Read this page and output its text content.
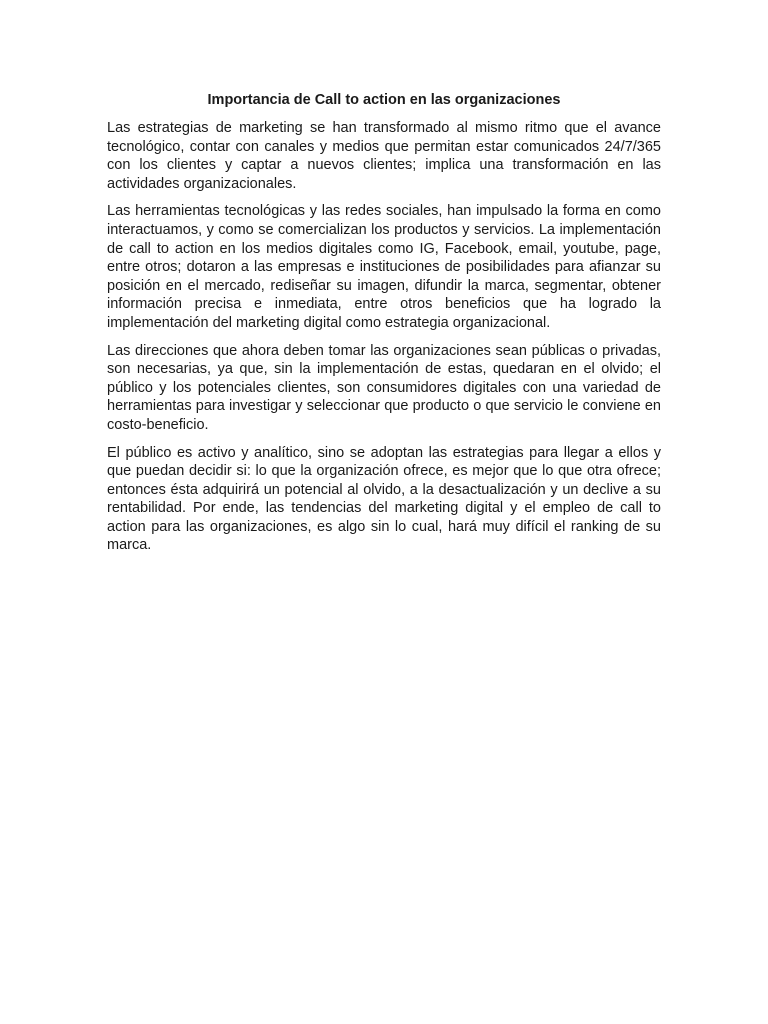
Importancia de Call to action en las organizaciones

Las estrategias de marketing se han transformado al mismo ritmo que el avance tecnológico, contar con canales y medios que permitan estar comunicados 24/7/365 con los clientes y captar a nuevos clientes; implica una transformación en las actividades organizacionales.

Las herramientas tecnológicas y las redes sociales, han impulsado la forma en como interactuamos, y como se comercializan los productos y servicios. La implementación de call to action en los medios digitales como IG, Facebook, email, youtube, page, entre otros; dotaron a las empresas e instituciones de posibilidades para afianzar su posición en el mercado, rediseñar su imagen, difundir la marca, segmentar, obtener información precisa e inmediata, entre otros beneficios que ha logrado la implementación del marketing digital como estrategia organizacional.

Las direcciones que ahora deben tomar las organizaciones sean públicas o privadas, son necesarias, ya que, sin la implementación de estas, quedaran en el olvido; el público y los potenciales clientes, son consumidores digitales con una variedad de herramientas para investigar y seleccionar que producto o que servicio le conviene en costo-beneficio.

El público es activo y analítico, sino se adoptan las estrategias para llegar a ellos y que puedan decidir si: lo que la organización ofrece, es mejor que lo que otra ofrece; entonces ésta adquirirá un potencial al olvido, a la desactualización y un declive a su rentabilidad. Por ende, las tendencias del marketing digital y el empleo de call to action para las organizaciones, es algo sin lo cual, hará muy difícil el ranking de su marca.
